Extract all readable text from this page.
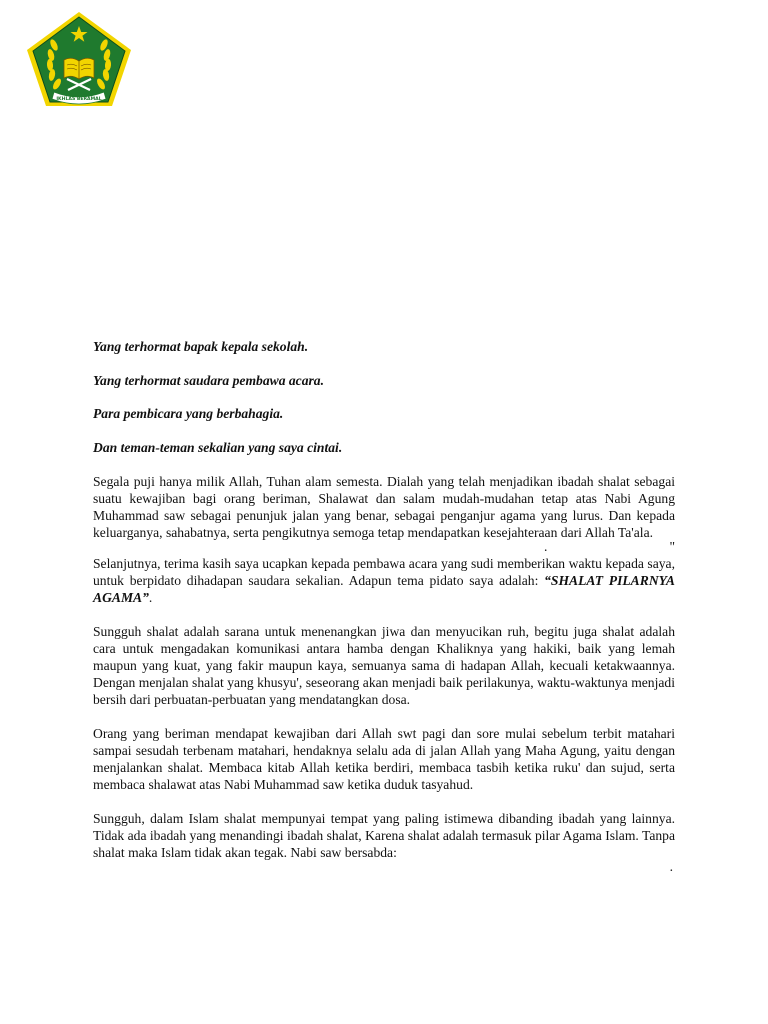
IKHLAS BERAMAL

Yang terhormat bapak kepala sekolah.

Yang terhormat saudara pembawa acara.

Para pembicara yang berbahagia.

Dan teman-teman sekalian yang saya cintai.

Segala puji hanya milik Allah, Tuhan alam semesta. Dialah yang telah menjadikan ibadah shalat sebagai suatu kewajiban bagi orang beriman, Shalawat dan salam mudah-mudahan tetap atas Nabi Agung Muhammad saw sebagai penunjuk jalan yang benar, sebagai penganjur agama yang lurus. Dan kepada keluarganya, sahabatnya, serta pengikutnya semoga tetap mendapatkan kesejahteraan dari Allah Ta'ala.

.	"

Selanjutnya, terima kasih saya ucapkan kepada pembawa acara yang sudi memberikan waktu kepada saya, untuk berpidato dihadapan saudara sekalian. Adapun tema pidato saya adalah: “SHALAT PILARNYA AGAMA”.

Sungguh shalat adalah sarana untuk menenangkan jiwa dan menyucikan ruh, begitu juga shalat adalah cara untuk mengadakan komunikasi antara hamba dengan Khaliknya yang hakiki, baik yang lemah maupun yang kuat, yang fakir maupun kaya, semuanya sama di hadapan Allah, kecuali ketakwaannya. Dengan menjalan shalat yang khusyu', seseorang akan menjadi baik perilakunya, waktu-waktunya menjadi bersih dari perbuatan-perbuatan yang mendatangkan dosa.

Orang yang beriman mendapat kewajiban dari Allah swt pagi dan sore mulai sebelum terbit matahari sampai sesudah terbenam matahari, hendaknya selalu ada di jalan Allah yang Maha Agung, yaitu dengan menjalankan shalat. Membaca kitab Allah ketika berdiri, membaca tasbih ketika ruku' dan sujud, serta membaca shalawat atas Nabi Muhammad saw ketika duduk tasyahud.

Sungguh, dalam Islam shalat mempunyai tempat yang paling istimewa dibanding ibadah yang lainnya. Tidak ada ibadah yang menandingi ibadah shalat, Karena shalat adalah termasuk pilar Agama Islam. Tanpa shalat maka Islam tidak akan tegak. Nabi saw bersabda:

.
